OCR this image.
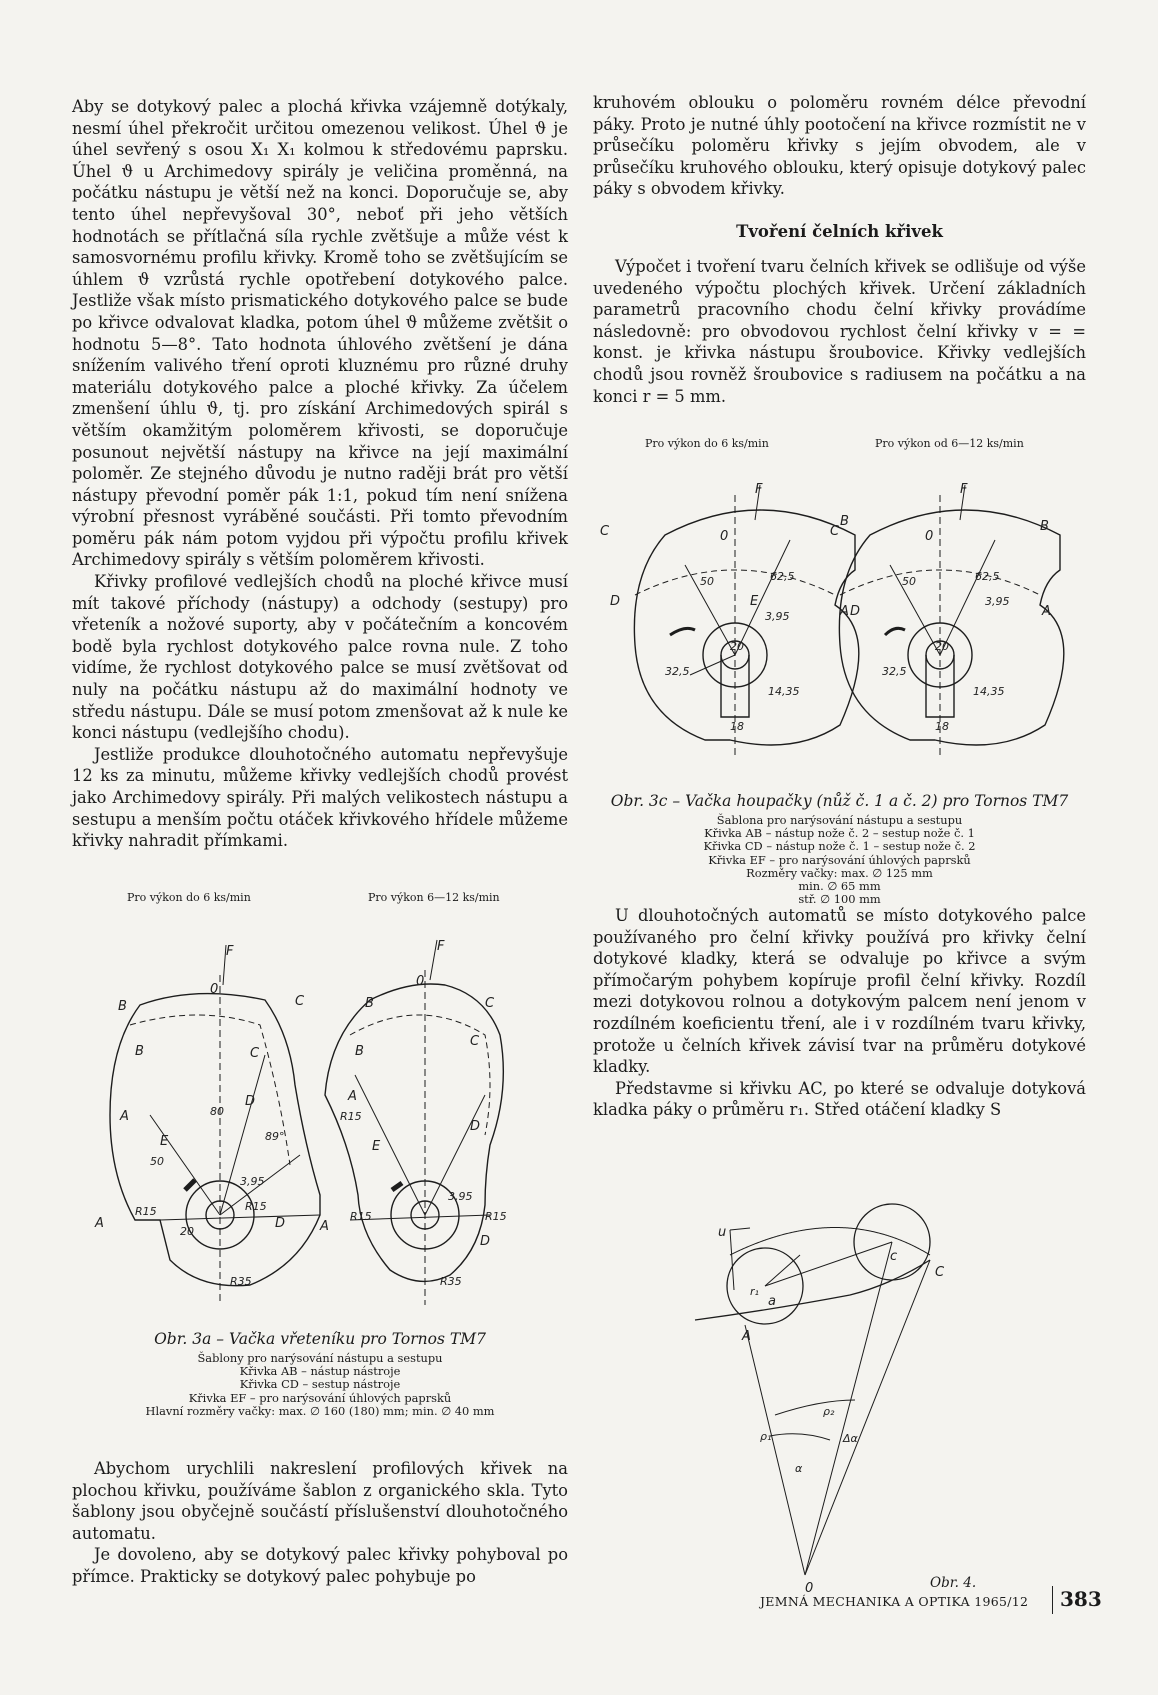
Aby se dotykový palec a plochá křivka vzájemně dotýkaly, nesmí úhel překročit určitou omezenou velikost. Úhel ϑ je úhel sevřený s osou X₁ X₁ kolmou k středovému paprsku. Úhel ϑ u Archimedovy spirály je veličina proměnná, na počátku nástupu je větší než na konci. Doporučuje se, aby tento úhel nepřevyšoval 30°, neboť při jeho větších hodnotách se přítlačná síla rychle zvětšuje a může vést k samosvornému profilu křivky. Kromě toho se zvětšujícím se úhlem ϑ vzrůstá rychle opotřebení dotykového palce. Jestliže však místo prismatického dotykového palce se bude po křivce odvalovat kladka, potom úhel ϑ můžeme zvětšit o hodnotu 5—8°. Tato hodnota úhlového zvětšení je dána snížením valivého tření oproti kluznému pro různé druhy materiálu dotykového palce a ploché křivky. Za účelem zmenšení úhlu ϑ, tj. pro získání Archimedových spirál s větším okamžitým poloměrem křivosti, se doporučuje posunout největší nástupy na křivce na její maximální poloměr. Ze stejného důvodu je nutno raději brát pro větší nástupy převodní poměr pák 1:1, pokud tím není snížena výrobní přesnost vyráběné součásti. Při tomto převodním poměru pák nám potom vyjdou při výpočtu profilu křivek Archimedovy spirály s větším poloměrem křivosti.

Křivky profilové vedlejších chodů na ploché křivce musí mít takové příchody (nástupy) a odchody (sestupy) pro vřeteník a nožové suporty, aby v počátečním a koncovém bodě byla rychlost dotykového palce rovna nule. Z toho vidíme, že rychlost dotykového palce se musí zvětšovat od nuly na počátku nástupu až do maximální hodnoty ve středu nástupu. Dále se musí potom zmenšovat až k nule ke konci nástupu (vedlejšího chodu).

Jestliže produkce dlouhotočného automatu nepřevyšuje 12 ks za minutu, můžeme křivky vedlejších chodů provést jako Archimedovy spirály. Při malých velikostech nástupu a sestupu a menším počtu otáček křivkového hřídele můžeme křivky nahradit přímkami.

kruhovém oblouku o poloměru rovném délce převodní páky. Proto je nutné úhly pootočení na křivce rozmístit ne v průsečíku poloměru křivky s jejím obvodem, ale v průsečíku kruhového oblouku, který opisuje dotykový palec páky s obvodem křivky.

Tvoření čelních křivek

Výpočet i tvoření tvaru čelních křivek se odlišuje od výše uvedeného výpočtu plochých křivek. Určení základních parametrů pracovního chodu čelní křivky provádíme následovně: pro obvodovou rychlost čelní křivky v = = konst. je křivka nástupu šroubovice. Křivky vedlejších chodů jsou rovněž šroubovice s radiusem na počátku a na konci r = 5 mm.

Pro výkon do 6 ks/min	Pro výkon od 6—12 ks/min
F
0
C
B
D
A
E
62,5
50
3,95
20
32,5
14,35
18
F
0
C	B
D	A
62,5
50
3,95
20
32,5
14,35
18
Obr. 3c – Vačka houpačky (nůž č. 1 a č. 2) pro Tornos TM7
Šablona pro narýsování nástupu a sestupu
Křivka AB – nástup nože č. 2 – sestup nože č. 1
Křivka CD – nástup nože č. 1 – sestup nože č. 2
Křivka EF – pro narýsování úhlových paprsků
Rozměry vačky: max. ∅ 125 mm
min. ∅ 65 mm
stř. ∅ 100 mm

U dlouhotočných automatů se místo dotykového palce používaného pro čelní křivky používá pro křivky čelní dotykové kladky, která se odvaluje po křivce a svým přímočarým pohybem kopíruje profil čelní křivky. Rozdíl mezi dotykovou rolnou a dotykovým palcem není jenom v rozdílném koeficientu tření, ale i v rozdílném tvaru křivky, protože u čelních křivek závisí tvar na průměru dotykové kladky.

Představme si křivku AC, po které se odvaluje dotyková kladka páky o průměru r₁. Střed otáčení kladky S

Pro výkon do 6 ks/min	Pro výkon 6—12 ks/min
F
0
B
B
C
C
A
D
E
A	D
80
50
20
R35
3,95
R15
89°
R15
F
0
B
B
C
C
A
A
D
D
E
R15
3,95
R15	R15
R35
Obr. 3a – Vačka vřeteníku pro Tornos TM7
Šablony pro narýsování nástupu a sestupu
Křivka AB – nástup nástroje
Křivka CD – sestup nástroje
Křivka EF – pro narýsování úhlových paprsků
Hlavní rozměry vačky: max. ∅ 160 (180) mm; min. ∅ 40 mm

Abychom urychlili nakreslení profilových křivek na plochou křivku, používáme šablon z organického skla. Tyto šablony jsou obyčejně součástí příslušenství dlouhotočného automatu.

Je dovoleno, aby se dotykový palec křivky pohyboval po přímce. Prakticky se dotykový palec pohybuje po

u
r₁
a
A
c
C
ρ₁
ρ₂
α
Δα
0	Obr. 4.
JEMNÁ MECHANIKA A OPTIKA 1965/12 383
